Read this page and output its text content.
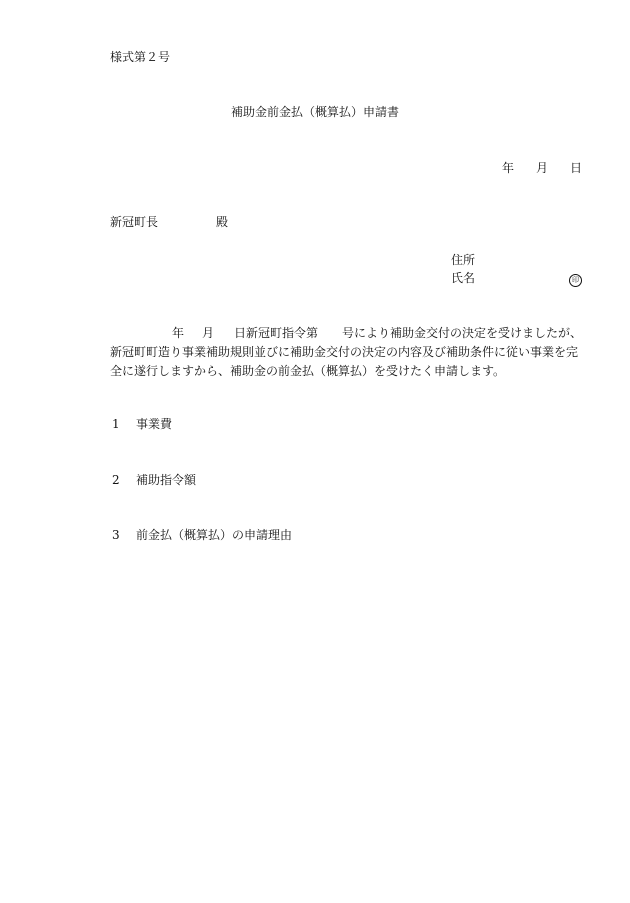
様式第２号
補助金前金払（概算払）申請書
年 月 日
新冠町長	殿
住所
氏名	印
年 月 日新冠町指令第 号により補助金交付の決定を受けましたが、
新冠町町造り事業補助規則並びに補助金交付の決定の内容及び補助条件に従い事業を完
全に遂行しますから、補助金の前金払（概算払）を受けたく申請します。
1 事業費
2 補助指令額
3 前金払（概算払）の申請理由
